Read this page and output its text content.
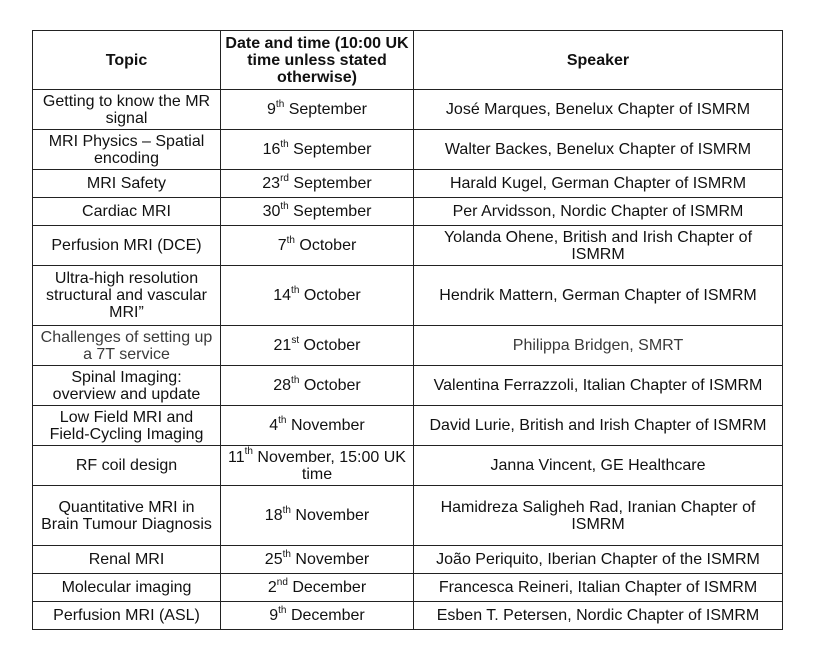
Topic	Date and time (10:00 UK time unless stated otherwise)	Speaker
Getting to know the MR signal	9th September	José Marques, Benelux Chapter of ISMRM
MRI Physics – Spatial encoding	16th September	Walter Backes, Benelux Chapter of ISMRM
MRI Safety	23rd September	Harald Kugel, German Chapter of ISMRM
Cardiac MRI	30th September	Per Arvidsson, Nordic Chapter of ISMRM
Perfusion MRI (DCE)	7th October	Yolanda Ohene, British and Irish Chapter of ISMRM
Ultra-high resolution structural and vascular MRI”	14th October	Hendrik Mattern, German Chapter of ISMRM
Challenges of setting up a 7T service	21st October	Philippa Bridgen, SMRT
Spinal Imaging: overview and update	28th October	Valentina Ferrazzoli, Italian Chapter of ISMRM
Low Field MRI and Field-Cycling Imaging	4th November	David Lurie, British and Irish Chapter of ISMRM
RF coil design	11th November, 15:00 UK time	Janna Vincent, GE Healthcare
Quantitative MRI in Brain Tumour Diagnosis	18th November	Hamidreza Saligheh Rad, Iranian Chapter of ISMRM
Renal MRI	25th November	João Periquito, Iberian Chapter of the ISMRM
Molecular imaging	2nd December	Francesca Reineri, Italian Chapter of ISMRM
Perfusion MRI (ASL)	9th December	Esben T. Petersen, Nordic Chapter of ISMRM
